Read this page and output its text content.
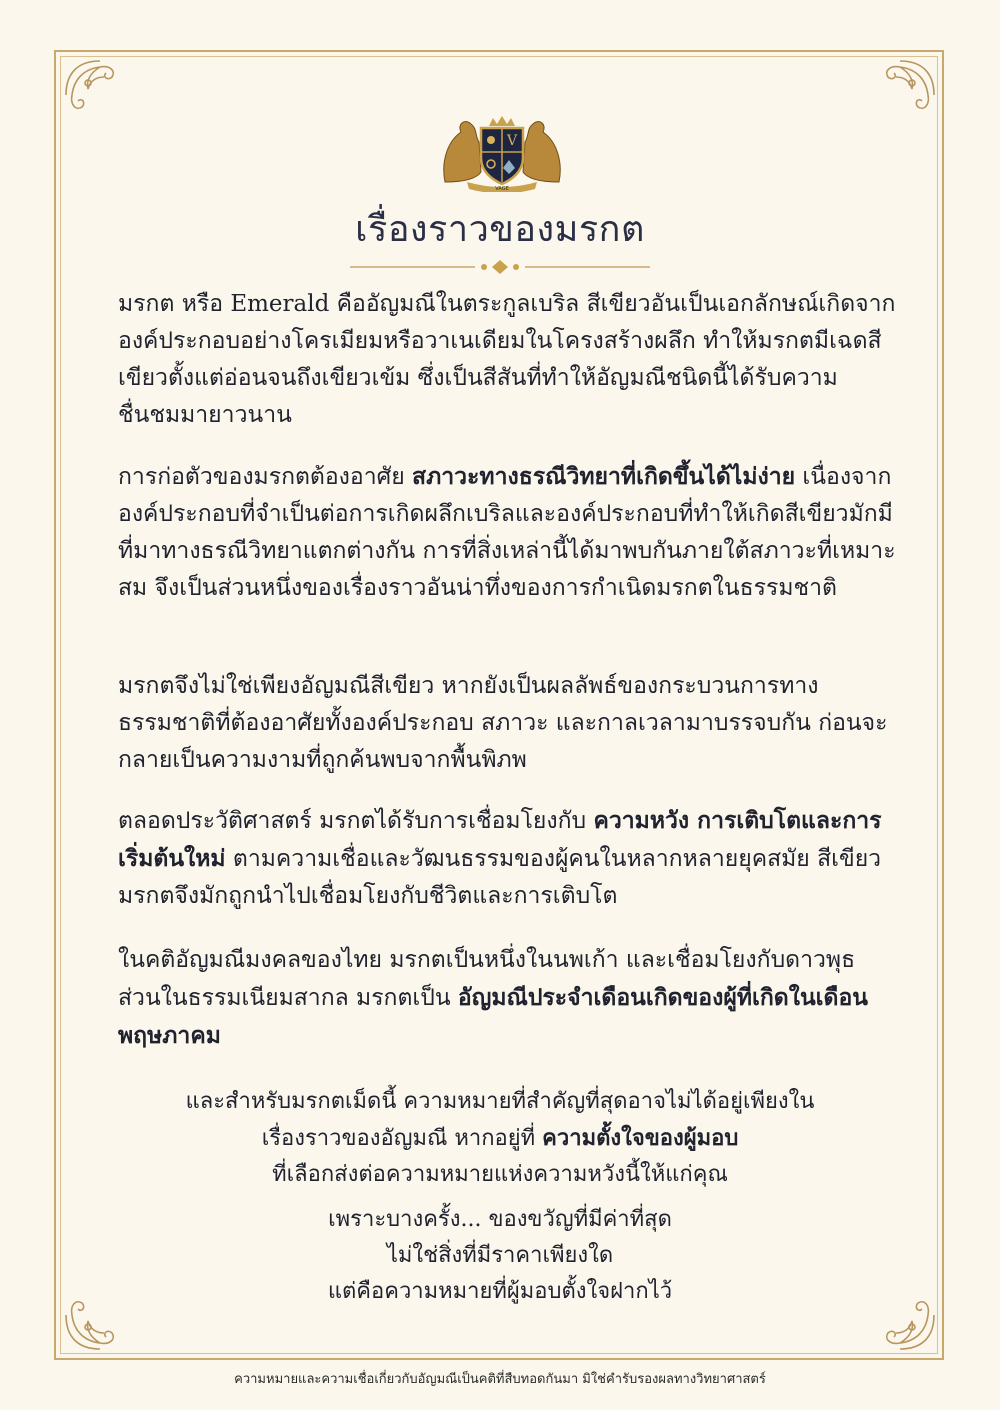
V
VAGE
เรื่องราวของมรกต

มรกต หรือ Emerald คืออัญมณีในตระกูลเบริล สีเขียวอันเป็นเอกลักษณ์เกิดจากองค์ประกอบอย่างโครเมียมหรือวาเนเดียมในโครงสร้างผลึก ทำให้มรกตมีเฉดสีเขียวตั้งแต่อ่อนจนถึงเขียวเข้ม ซึ่งเป็นสีสันที่ทำให้อัญมณีชนิดนี้ได้รับความชื่นชมมายาวนาน

การก่อตัวของมรกตต้องอาศัย สภาวะทางธรณีวิทยาที่เกิดขึ้นได้ไม่ง่าย เนื่องจากองค์ประกอบที่จำเป็นต่อการเกิดผลึกเบริลและองค์ประกอบที่ทำให้เกิดสีเขียวมักมีที่มาทางธรณีวิทยาแตกต่างกัน การที่สิ่งเหล่านี้ได้มาพบกันภายใต้สภาวะที่เหมาะสม จึงเป็นส่วนหนึ่งของเรื่องราวอันน่าทึ่งของการกำเนิดมรกตในธรรมชาติ

มรกตจึงไม่ใช่เพียงอัญมณีสีเขียว หากยังเป็นผลลัพธ์ของกระบวนการทางธรรมชาติที่ต้องอาศัยทั้งองค์ประกอบ สภาวะ และกาลเวลามาบรรจบกัน ก่อนจะกลายเป็นความงามที่ถูกค้นพบจากพื้นพิภพ

ตลอดประวัติศาสตร์ มรกตได้รับการเชื่อมโยงกับ ความหวัง การเติบโตและการเริ่มต้นใหม่ ตามความเชื่อและวัฒนธรรมของผู้คนในหลากหลายยุคสมัย สีเขียวมรกตจึงมักถูกนำไปเชื่อมโยงกับชีวิตและการเติบโต

ในคติอัญมณีมงคลของไทย มรกตเป็นหนึ่งในนพเก้า และเชื่อมโยงกับดาวพุธ ส่วนในธรรมเนียมสากล มรกตเป็น อัญมณีประจำเดือนเกิดของผู้ที่เกิดในเดือนพฤษภาคม

และสำหรับมรกตเม็ดนี้ ความหมายที่สำคัญที่สุดอาจไม่ได้อยู่เพียงใน
เรื่องราวของอัญมณี หากอยู่ที่ ความตั้งใจของผู้มอบ
ที่เลือกส่งต่อความหมายแห่งความหวังนี้ให้แก่คุณ
เพราะบางครั้ง... ของขวัญที่มีค่าที่สุด
ไม่ใช่สิ่งที่มีราคาเพียงใด
แต่คือความหมายที่ผู้มอบตั้งใจฝากไว้
ความหมายและความเชื่อเกี่ยวกับอัญมณีเป็นคติที่สืบทอดกันมา มิใช่คำรับรองผลทางวิทยาศาสตร์
